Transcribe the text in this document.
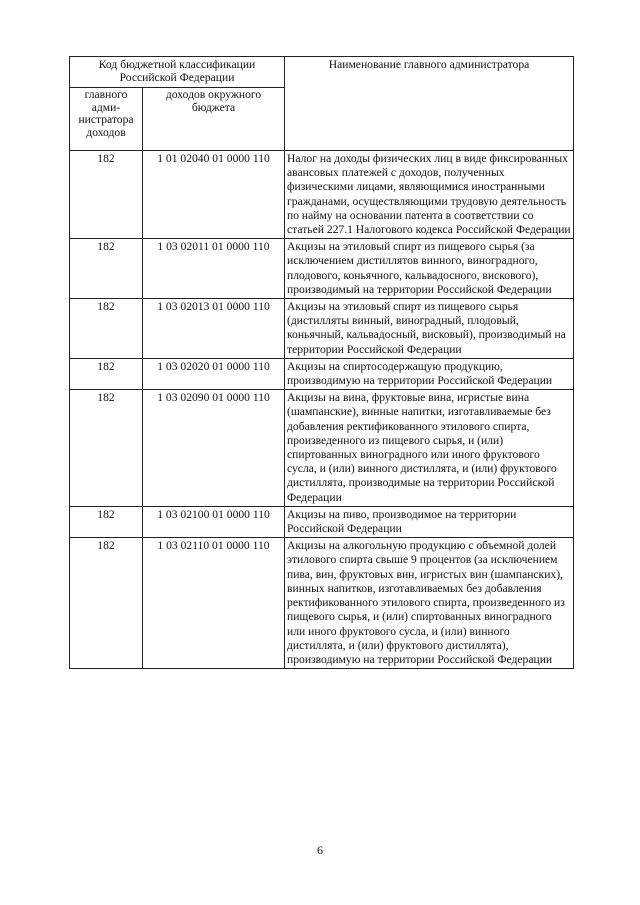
Код бюджетной классификации Российской Федерации		Наименование главного администратора
главного адми-нистратора доходов	доходов окружного бюджета	
182	1 01 02040 01 0000 110	Налог на доходы физических лиц в виде фиксированных авансовых платежей с доходов, полученных физическими лицами, являющимися иностранными гражданами, осуществляющими трудовую деятельность по найму на основании патента в соответствии со статьей 227.1 Налогового кодекса Российской Федерации
182	1 03 02011 01 0000 110	Акцизы на этиловый спирт из пищевого сырья (за исключением дистиллятов винного, виноградного, плодового, коньячного, кальвадосного, вискового), производимый на территории Российской Федерации
182	1 03 02013 01 0000 110	Акцизы на этиловый спирт из пищевого сырья (дистилляты винный, виноградный, плодовый, коньячный, кальвадосный, висковый), производимый на территории Российской Федерации
182	1 03 02020 01 0000 110	Акцизы на спиртосодержащую продукцию, производимую на территории Российской Федерации
182	1 03 02090 01 0000 110	Акцизы на вина, фруктовые вина, игристые вина (шампанские), винные напитки, изготавливаемые без добавления ректификованного этилового спирта, произведенного из пищевого сырья, и (или) спиртованных виноградного или иного фруктового сусла, и (или) винного дистиллята, и (или) фруктового дистиллята, производимые на территории Российской Федерации
182	1 03 02100 01 0000 110	Акцизы на пиво, производимое на территории Российской Федерации
182	1 03 02110 01 0000 110	Акцизы на алкогольную продукцию с объемной долей этилового спирта свыше 9 процентов (за исключением пива, вин, фруктовых вин, игристых вин (шампанских), винных напитков, изготавливаемых без добавления ректификованного этилового спирта, произведенного из пищевого сырья, и (или) спиртованных виноградного или иного фруктового сусла, и (или) винного дистиллята, и (или) фруктового дистиллята), производимую на территории Российской Федерации
6
